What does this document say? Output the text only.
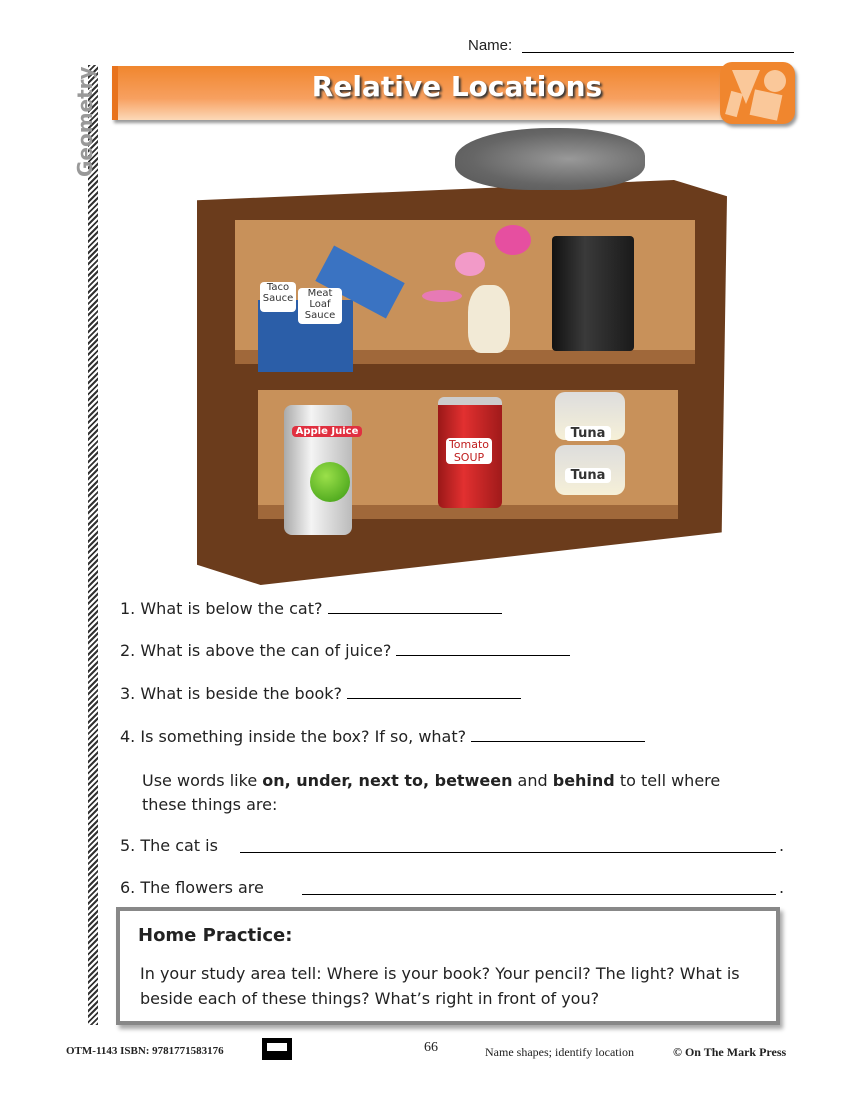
Name:
Geometry	Relative Locations
Taco Sauce	Meat Loaf Sauce
Apple Juice
Tomato SOUP
Tuna
Tuna
1. What is below the cat?
2. What is above the can of juice?
3. What is beside the book?
4. Is something inside the box? If so, what?
Use words like on, under, next to, between and behind to tell where these things are:
5. The cat is
6. The flowers are
.
.
Home Practice:
In your study area tell: Where is your book? Your pencil? The light? What is beside each of these things? What’s right in front of you?
OTM-1143 ISBN: 9781771583176	66	Name shapes; identify location	© On The Mark Press
